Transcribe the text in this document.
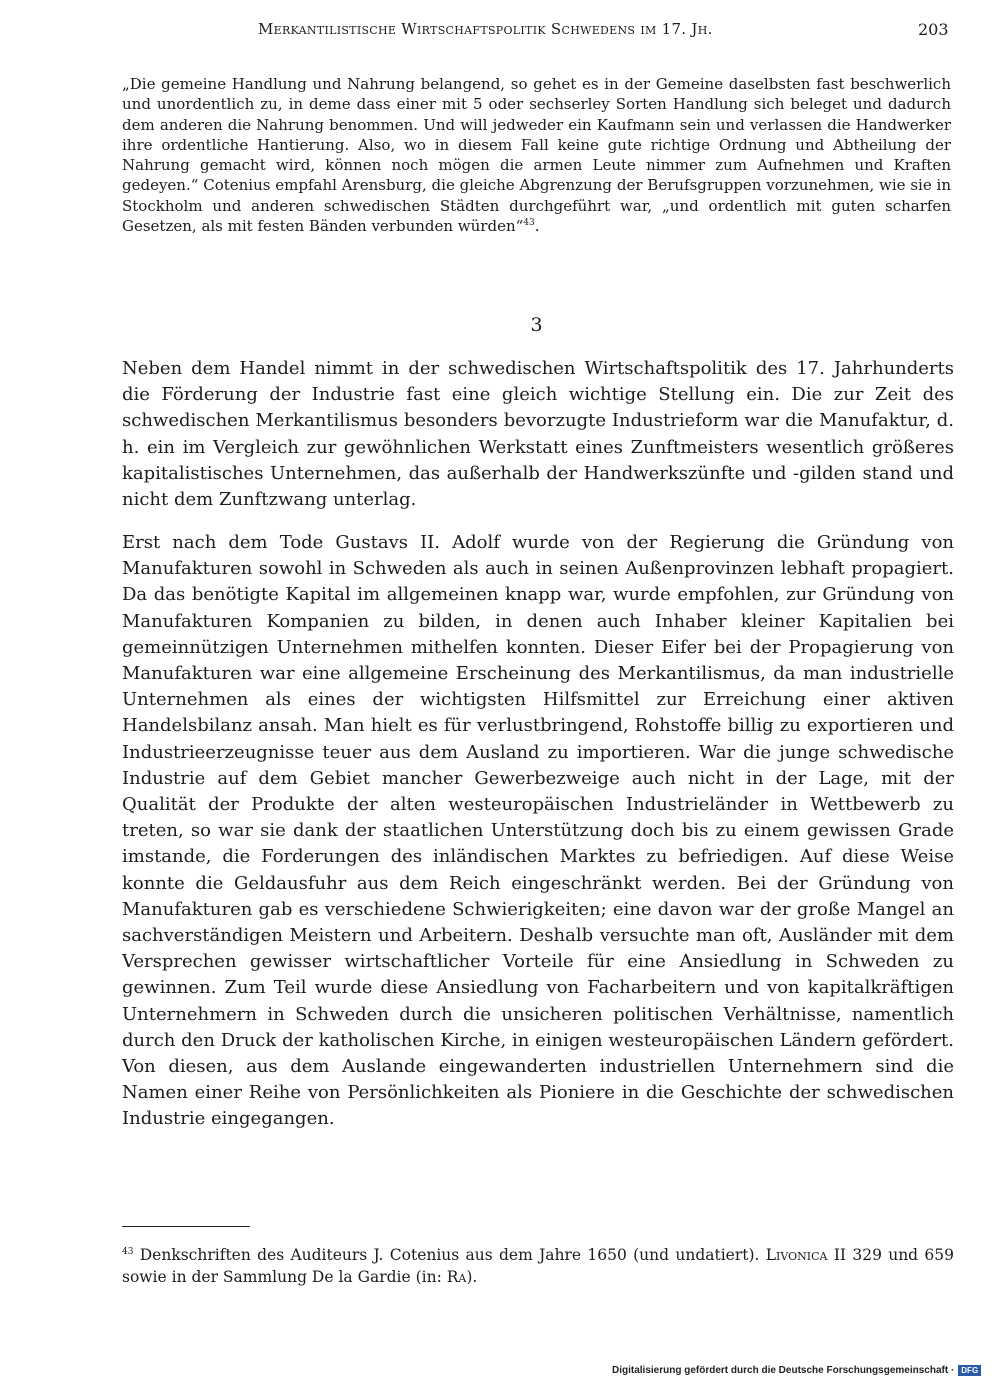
Merkantilistische Wirtschaftspolitik Schwedens im 17. Jh.	203
„Die gemeine Handlung und Nahrung belangend, so gehet es in der Gemeine daselbsten fast beschwerlich und unordentlich zu, in deme dass einer mit 5 oder sechserley Sorten Handlung sich beleget und dadurch dem anderen die Nahrung benommen. Und will jedweder ein Kaufmann sein und verlassen die Handwerker ihre ordentliche Hantierung. Also, wo in diesem Fall keine gute richtige Ordnung und Abtheilung der Nahrung gemacht wird, können noch mögen die armen Leute nimmer zum Aufnehmen und Kraften gedeyen.“ Cotenius empfahl Arensburg, die gleiche Abgrenzung der Berufsgruppen vorzunehmen, wie sie in Stockholm und anderen schwedischen Städten durchgeführt war, „und ordentlich mit guten scharfen Gesetzen, als mit festen Bänden verbunden würden“$^{43}$.
3

Neben dem Handel nimmt in der schwedischen Wirtschaftspolitik des 17. Jahrhunderts die Förderung der Industrie fast eine gleich wichtige Stellung ein. Die zur Zeit des schwedischen Merkantilismus besonders bevorzugte Industrieform war die Manufaktur, d. h. ein im Vergleich zur gewöhnlichen Werkstatt eines Zunftmeisters wesentlich größeres kapitalistisches Unternehmen, das außerhalb der Handwerkszünfte und -gilden stand und nicht dem Zunftzwang unterlag.

Erst nach dem Tode Gustavs II. Adolf wurde von der Regierung die Gründung von Manufakturen sowohl in Schweden als auch in seinen Außenprovinzen lebhaft propagiert. Da das benötigte Kapital im allgemeinen knapp war, wurde empfohlen, zur Gründung von Manufakturen Kompanien zu bilden, in denen auch Inhaber kleiner Kapitalien bei gemeinnützigen Unternehmen mithelfen konnten. Dieser Eifer bei der Propagierung von Manufakturen war eine allgemeine Erscheinung des Merkantilismus, da man industrielle Unternehmen als eines der wichtigsten Hilfsmittel zur Erreichung einer aktiven Handelsbilanz ansah. Man hielt es für verlustbringend, Rohstoffe billig zu exportieren und Industrieerzeugnisse teuer aus dem Ausland zu importieren. War die junge schwedische Industrie auf dem Gebiet mancher Gewerbezweige auch nicht in der Lage, mit der Qualität der Produkte der alten westeuropäischen Industrieländer in Wettbewerb zu treten, so war sie dank der staatlichen Unterstützung doch bis zu einem gewissen Grade imstande, die Forderungen des inländischen Marktes zu befriedigen. Auf diese Weise konnte die Geldausfuhr aus dem Reich eingeschränkt werden. Bei der Gründung von Manufakturen gab es verschiedene Schwierigkeiten; eine davon war der große Mangel an sachverständigen Meistern und Arbeitern. Deshalb versuchte man oft, Ausländer mit dem Versprechen gewisser wirtschaftlicher Vorteile für eine Ansiedlung in Schweden zu gewinnen. Zum Teil wurde diese Ansiedlung von Facharbeitern und von kapitalkräftigen Unternehmern in Schweden durch die unsicheren politischen Verhältnisse, namentlich durch den Druck der katholischen Kirche, in einigen westeuropäischen Ländern gefördert. Von diesen, aus dem Auslande eingewanderten industriellen Unternehmern sind die Namen einer Reihe von Persönlichkeiten als Pioniere in die Geschichte der schwedischen Industrie eingegangen.

$^{43}$ Denkschriften des Auditeurs J. Cotenius aus dem Jahre 1650 (und undatiert). Livonica II 329 und 659 sowie in der Sammlung De la Gardie (in: Ra).
Digitalisierung gefördert durch die Deutsche Forschungsgemeinschaft · DFG
